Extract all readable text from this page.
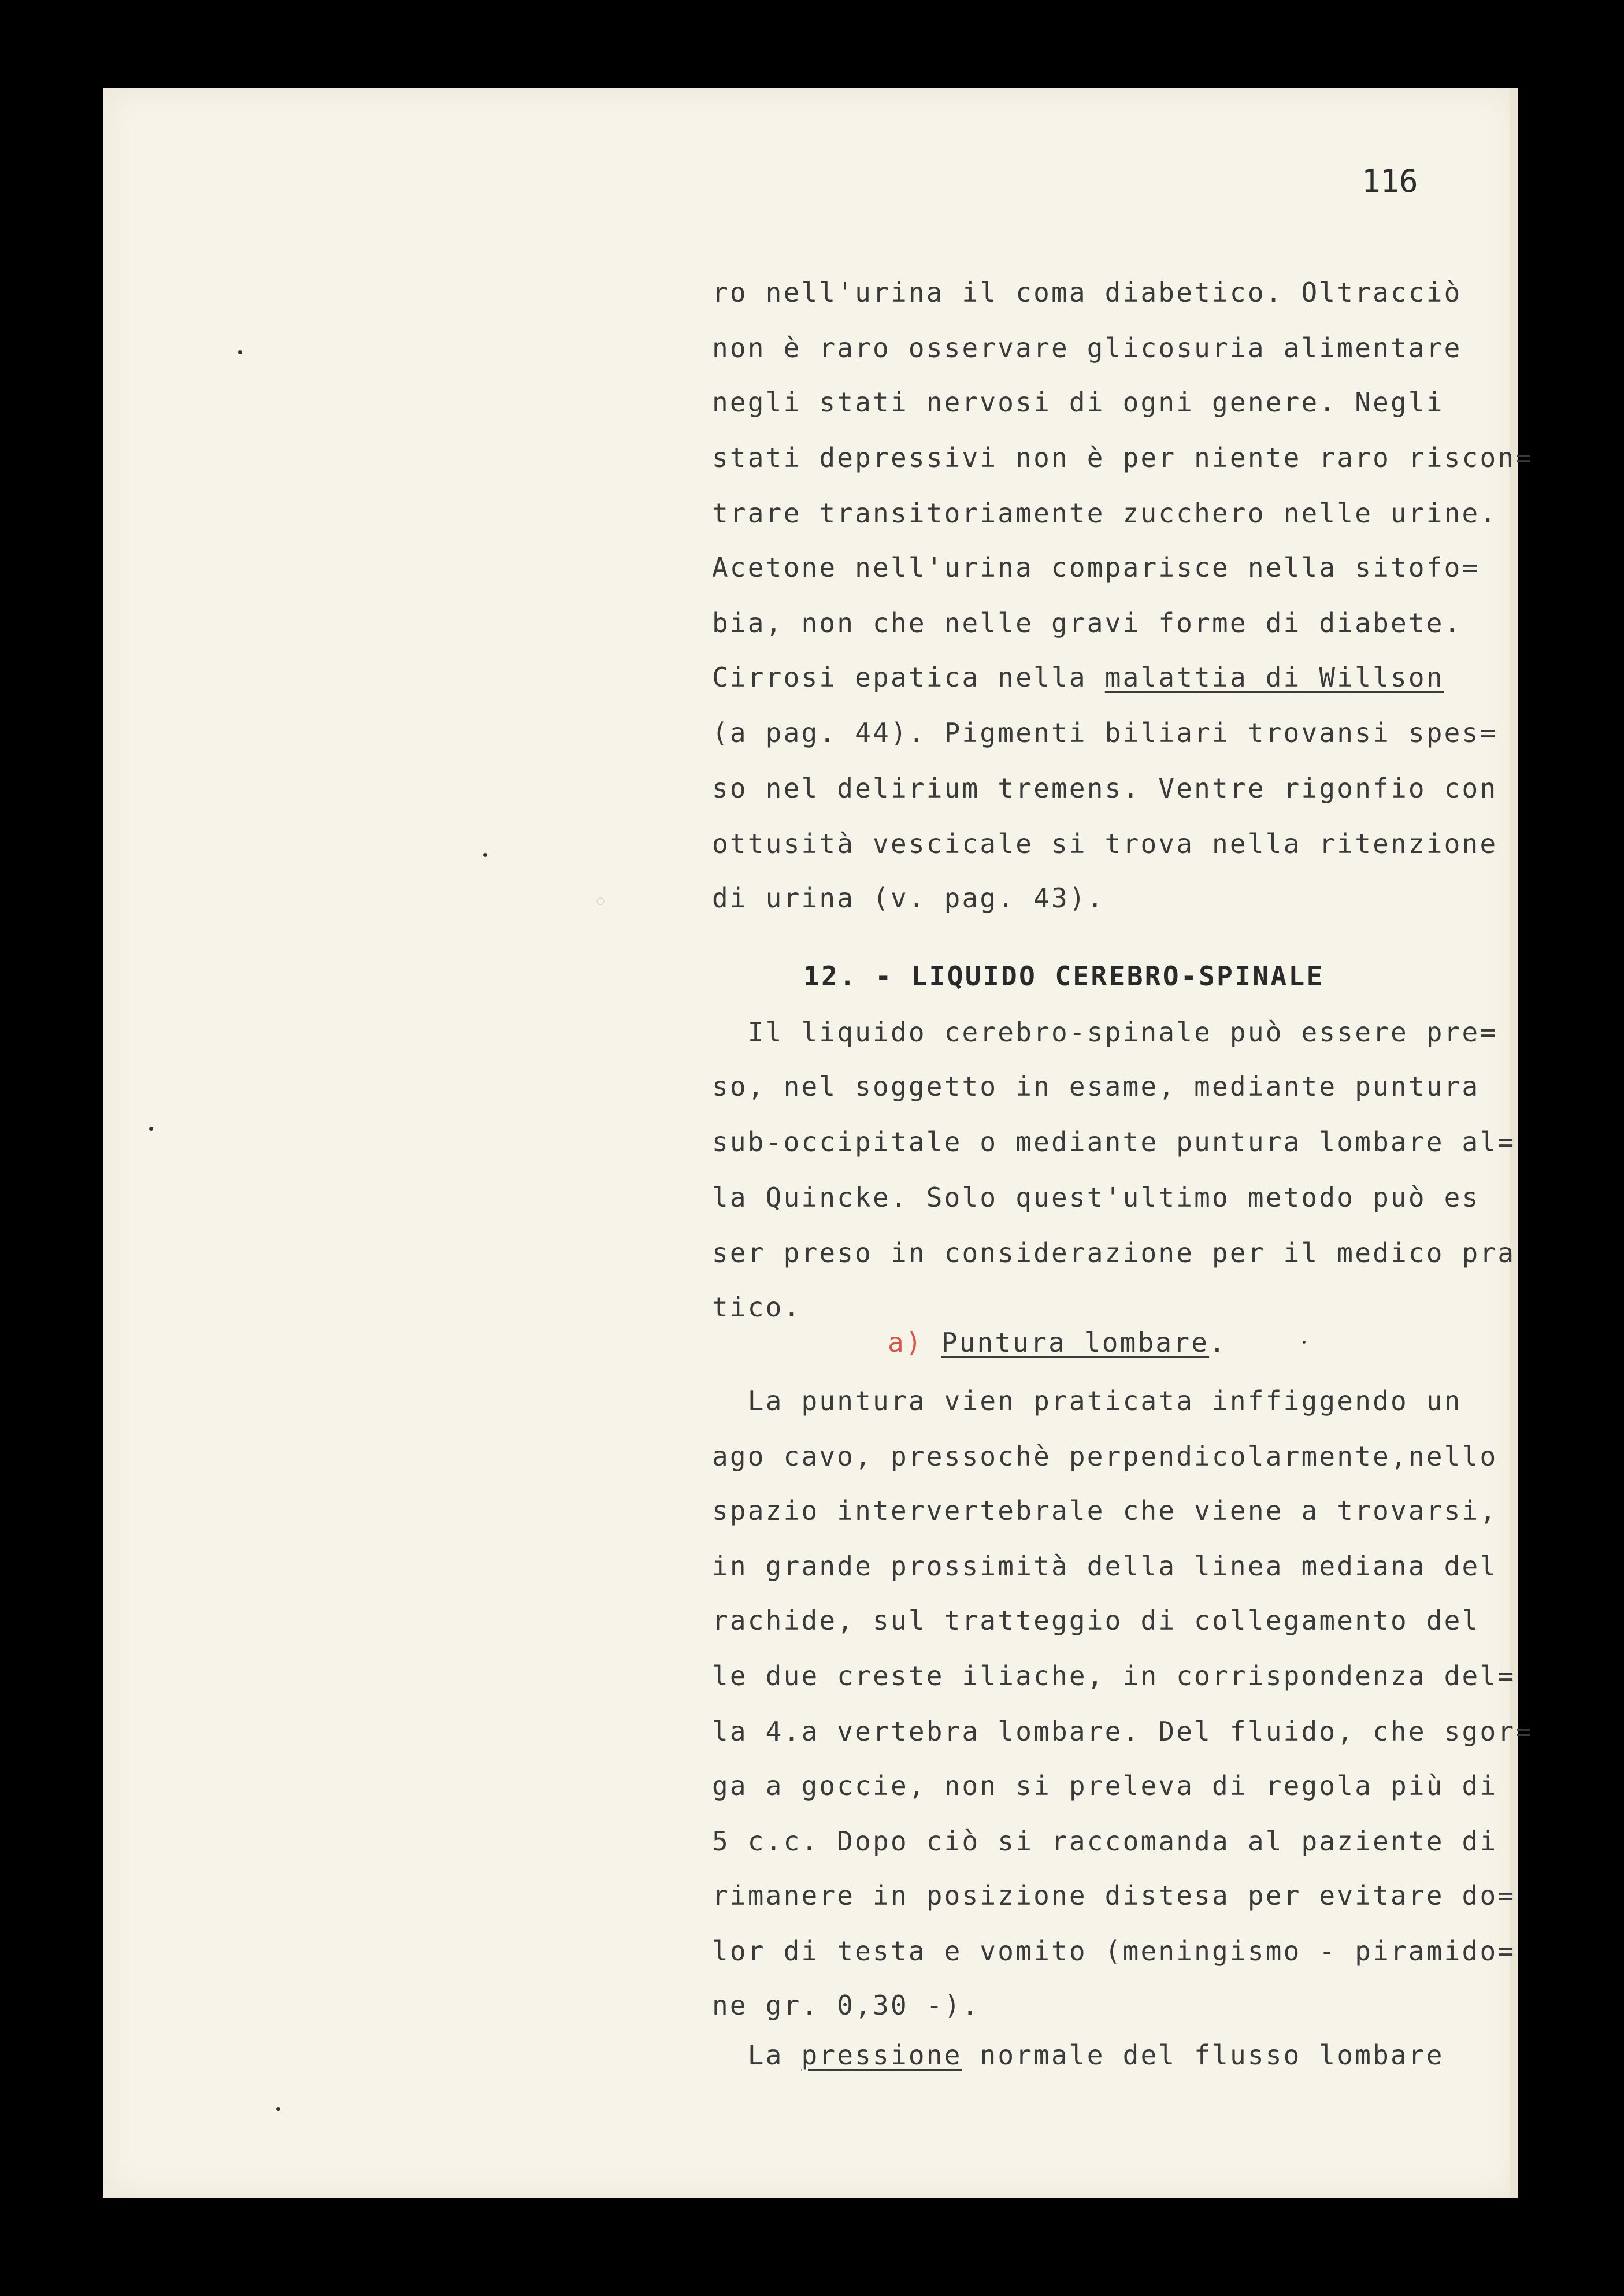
◦
116
ro nell'urina il coma diabetico. Oltracciò
non è raro osservare glicosuria alimentare
negli stati nervosi di ogni genere. Negli
stati depressivi non è per niente raro riscon=
trare transitoriamente zucchero nelle urine.
Acetone nell'urina comparisce nella sitofo=
bia, non che nelle gravi forme di diabete.
(a pag. 44). Pigmenti biliari trovansi spes=
so nel delirium tremens. Ventre rigonfio con
ottusità vescicale si trova nella ritenzione
di urina (v. pag. 43).
Il liquido cerebro-spinale può essere pre=
so, nel soggetto in esame, mediante puntura
sub-occipitale o mediante puntura lombare al=
la Quincke. Solo quest'ultimo metodo può es
ser preso in considerazione per il medico pra
tico.
La puntura vien praticata inffiggendo un
ago cavo, pressochè perpendicolarmente,nello
spazio intervertebrale che viene a trovarsi,
in grande prossimità della linea mediana del
rachide, sul tratteggio di collegamento del
le due creste iliache, in corrispondenza del=
la 4.a vertebra lombare. Del fluido, che sgor=
ga a goccie, non si preleva di regola più di
5 c.c. Dopo ciò si raccomanda al paziente di
rimanere in posizione distesa per evitare do=
lor di testa e vomito (meningismo - piramido=
ne gr. 0,30 -).
Cirrosi epatica nella malattia di Willson
12. - LIQUIDO CEREBRO-SPINALE
a) Puntura lombare.
La pressione normale del flusso lombare
